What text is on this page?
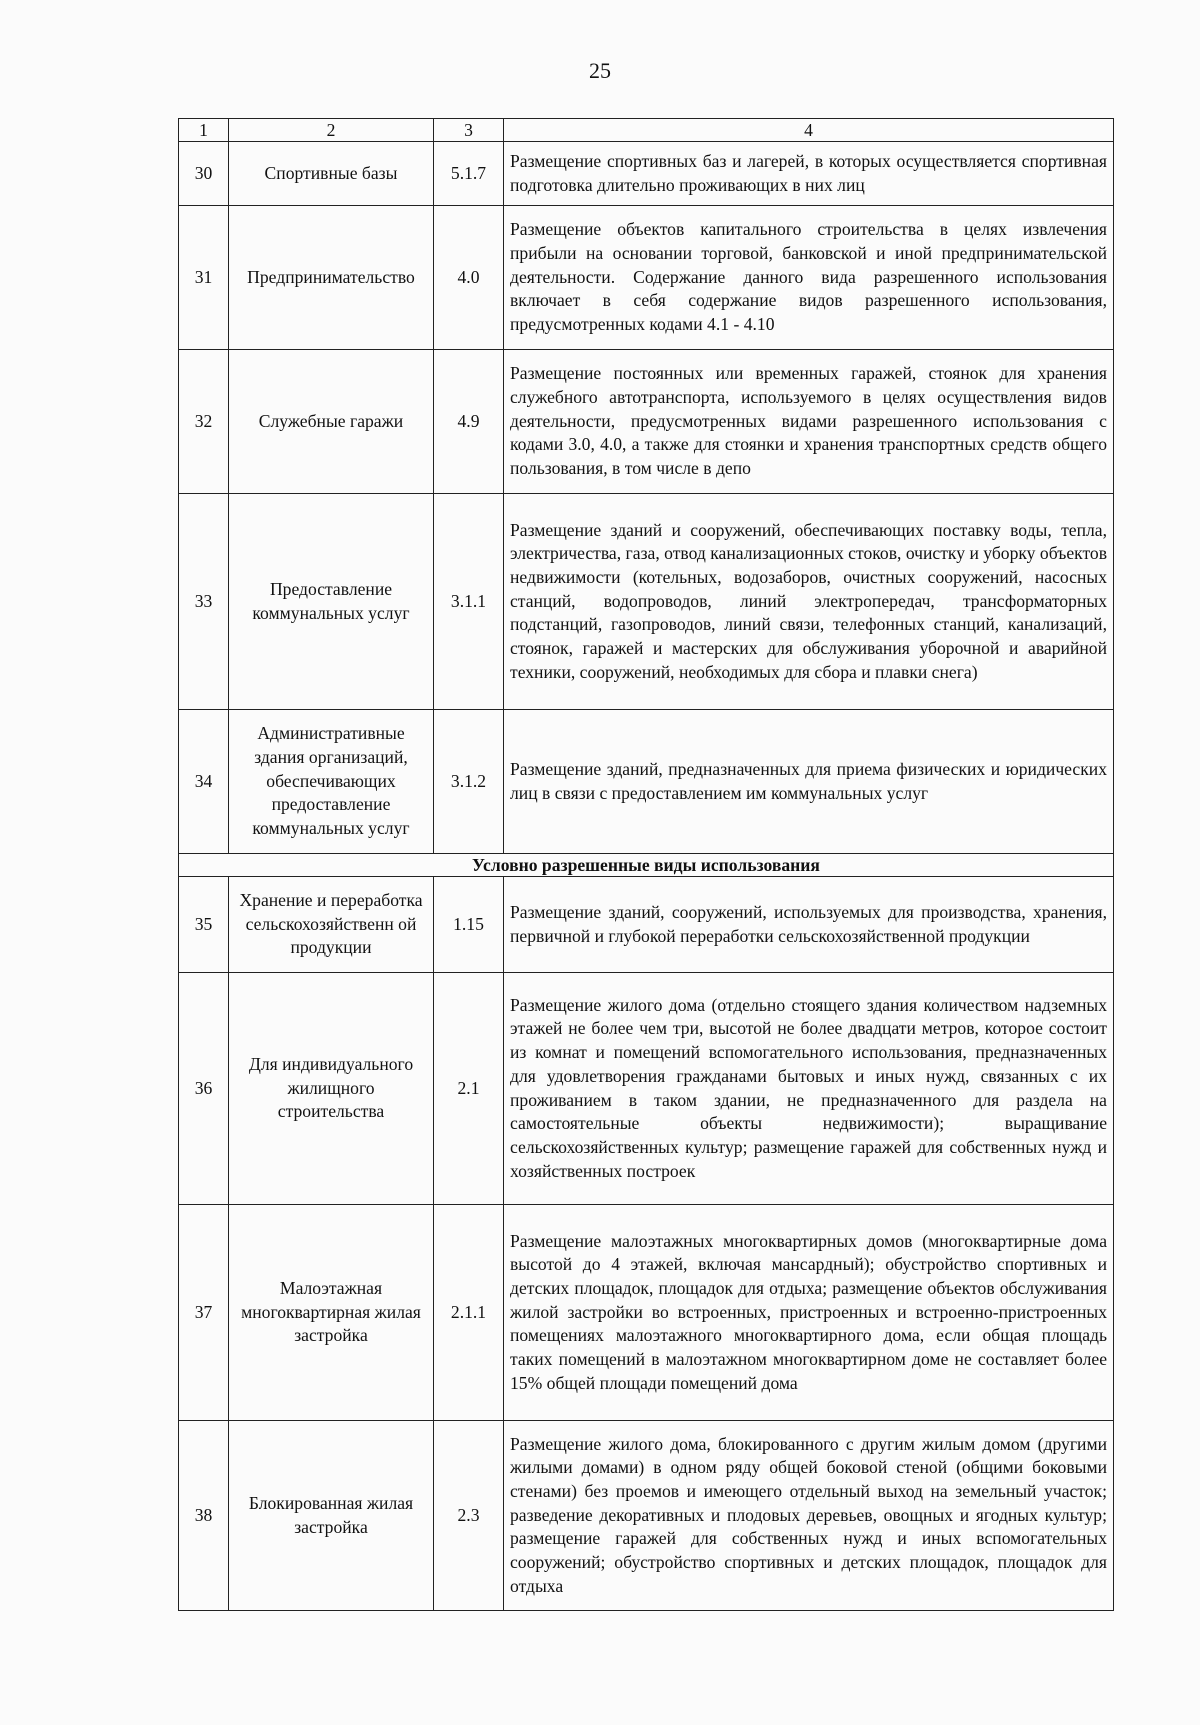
25
1	2	3	4
30	Спортивные базы	5.1.7	Размещение спортивных баз и лагерей, в которых осуществляется спортивная подготовка длительно проживающих в них лиц
31	Предпринимательство	4.0	Размещение объектов капитального строительства в целях извлечения прибыли на основании торговой, банковской и иной предпринимательской деятельности. Содержание данного вида разрешенного использования включает в себя содержание видов разрешенного использования, предусмотренных кодами 4.1 - 4.10
32	Служебные гаражи	4.9	Размещение постоянных или временных гаражей, стоянок для хранения служебного автотранспорта, используемого в целях осуществления видов деятельности, предусмотренных видами разрешенного использования с кодами 3.0, 4.0, а также для стоянки и хранения транспортных средств общего пользования, в том числе в депо
33	Предоставление коммунальных услуг	3.1.1	Размещение зданий и сооружений, обеспечивающих поставку воды, тепла, электричества, газа, отвод канализационных стоков, очистку и уборку объектов недвижимости (котельных, водозаборов, очистных сооружений, насосных станций, водопроводов, линий электропередач, трансформаторных подстанций, газопроводов, линий связи, телефонных станций, канализаций, стоянок, гаражей и мастерских для обслуживания уборочной и аварийной техники, сооружений, необходимых для сбора и плавки снега)
34	Административные здания организаций, обеспечивающих предоставление коммунальных услуг	3.1.2	Размещение зданий, предназначенных для приема физических и юридических лиц в связи с предоставлением им коммунальных услуг
Условно разрешенные виды использования			
35	Хранение и переработка сельскохозяйственн ой продукции	1.15	Размещение зданий, сооружений, используемых для производства, хранения, первичной и глубокой переработки сельскохозяйственной продукции
36	Для индивидуального жилищного строительства	2.1	Размещение жилого дома (отдельно стоящего здания количеством надземных этажей не более чем три, высотой не более двадцати метров, которое состоит из комнат и помещений вспомогательного использования, предназначенных для удовлетворения гражданами бытовых и иных нужд, связанных с их проживанием в таком здании, не предназначенного для раздела на самостоятельные объекты недвижимости); выращивание сельскохозяйственных культур; размещение гаражей для собственных нужд и хозяйственных построек
37	Малоэтажная многоквартирная жилая застройка	2.1.1	Размещение малоэтажных многоквартирных домов (многоквартирные дома высотой до 4 этажей, включая мансардный); обустройство спортивных и детских площадок, площадок для отдыха; размещение объектов обслуживания жилой застройки во встроенных, пристроенных и встроенно-пристроенных помещениях малоэтажного многоквартирного дома, если общая площадь таких помещений в малоэтажном многоквартирном доме не составляет более 15% общей площади помещений дома
38	Блокированная жилая застройка	2.3	Размещение жилого дома, блокированного с другим жилым домом (другими жилыми домами) в одном ряду общей боковой стеной (общими боковыми стенами) без проемов и имеющего отдельный выход на земельный участок; разведение декоративных и плодовых деревьев, овощных и ягодных культур; размещение гаражей для собственных нужд и иных вспомогательных сооружений; обустройство спортивных и детских площадок, площадок для отдыха
